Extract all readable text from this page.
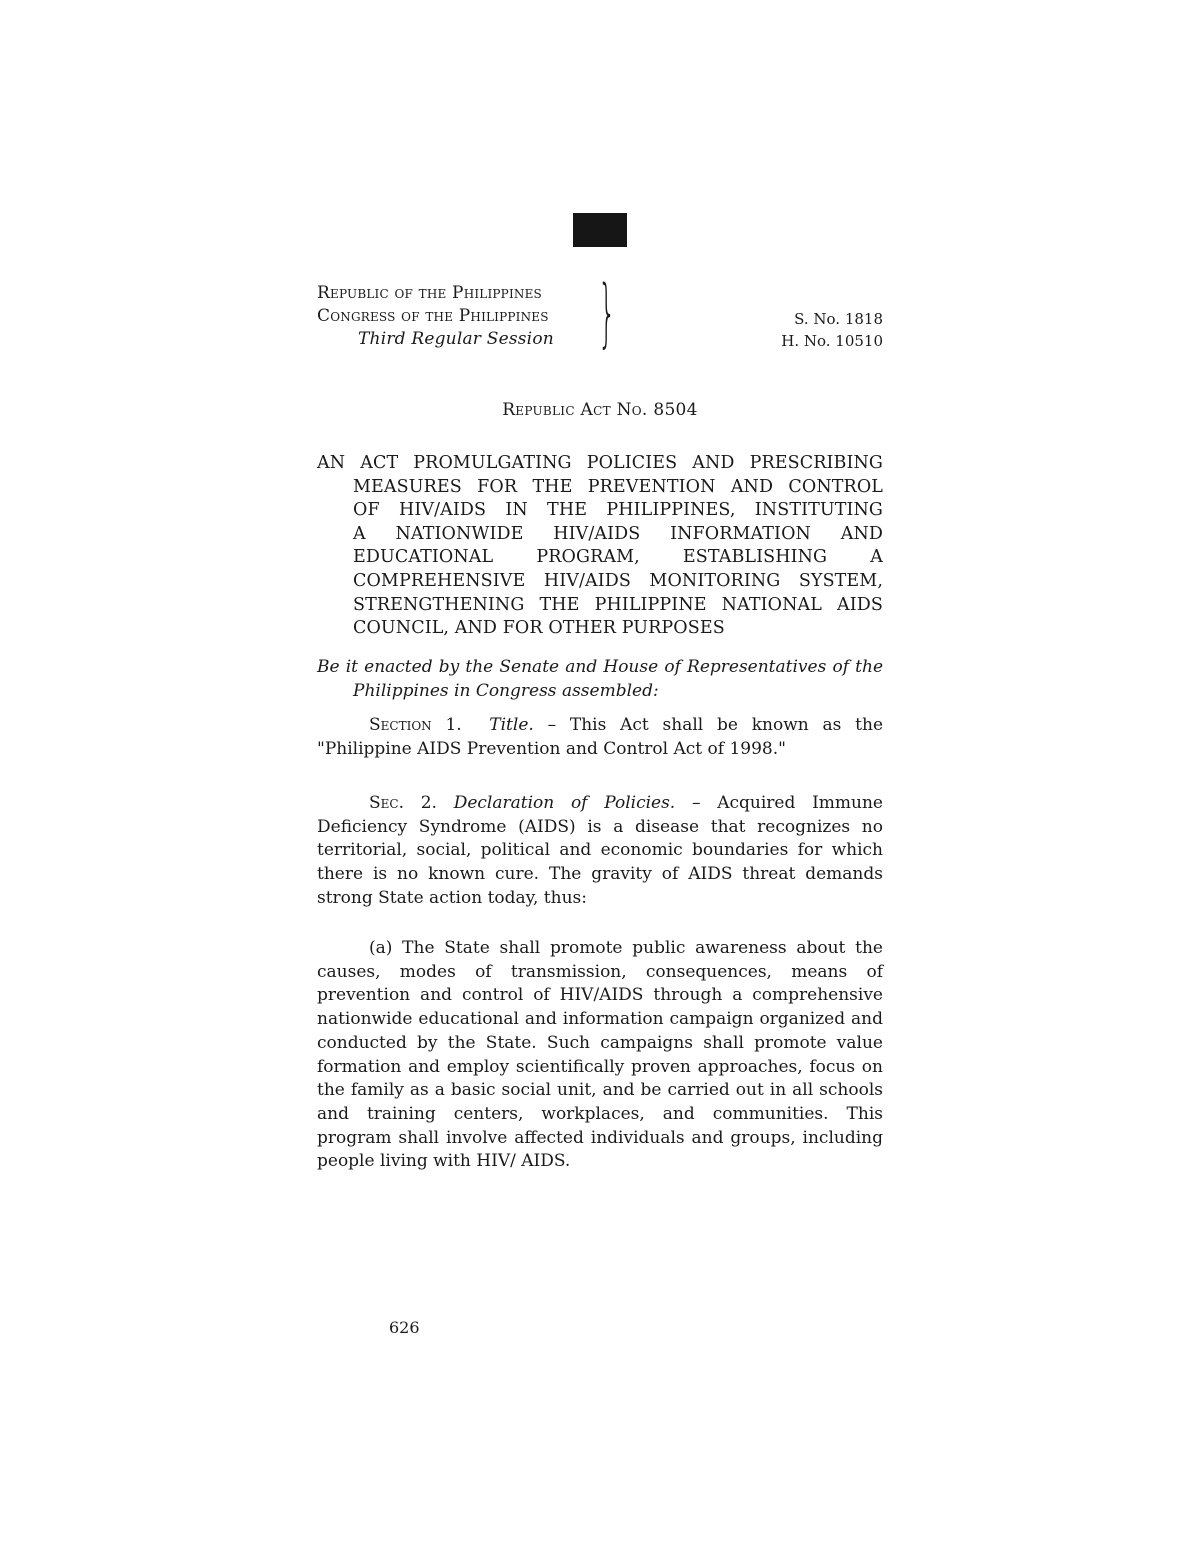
Republic of the Philippines
Congress of the Philippines
Third Regular Session }	S. No. 1818
H. No. 10510
Republic Act No. 8504
AN ACT PROMULGATING POLICIES AND PRESCRIBING
MEASURES FOR THE PREVENTION AND CONTROL
OF HIV/AIDS IN THE PHILIPPINES, INSTITUTING
A NATIONWIDE HIV/AIDS INFORMATION AND
EDUCATIONAL PROGRAM, ESTABLISHING A
COMPREHENSIVE HIV/AIDS MONITORING SYSTEM,
STRENGTHENING THE PHILIPPINE NATIONAL AIDS
COUNCIL, AND FOR OTHER PURPOSES
Be it enacted by the Senate and House of Representatives of the
Philippines in Congress assembled:

Section 1. Title. – This Act shall be known as the "Philippine AIDS Prevention and Control Act of 1998."

Sec. 2. Declaration of Policies. – Acquired Immune Deficiency Syndrome (AIDS) is a disease that recognizes no territorial, social, political and economic boundaries for which there is no known cure. The gravity of AIDS threat demands strong State action today, thus:

(a) The State shall promote public awareness about the causes, modes of transmission, consequences, means of prevention and control of HIV/AIDS through a comprehensive nationwide educational and information campaign organized and conducted by the State. Such campaigns shall promote value formation and employ scientifically proven approaches, focus on the family as a basic social unit, and be carried out in all schools and training centers, workplaces, and communities. This program shall involve affected individuals and groups, including people living with HIV/ AIDS.

626
